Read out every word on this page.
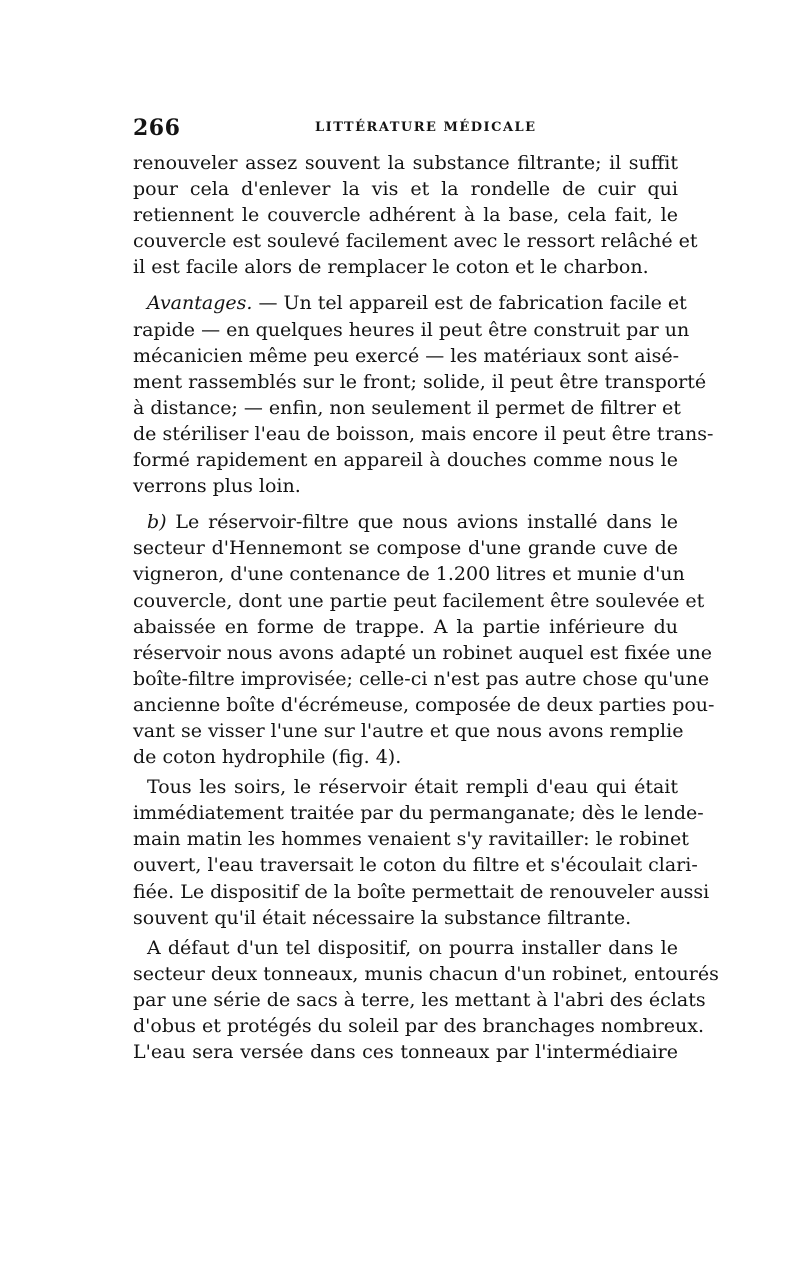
266	LITTÉRATURE MÉDICALE
renouveler assez souvent la substance filtrante; il suffit
pour cela d'enlever la vis et la rondelle de cuir qui
retiennent le couvercle adhérent à la base, cela fait, le
couvercle est soulevé facilement avec le ressort relâché et
il est facile alors de remplacer le coton et le charbon.
Avantages. — Un tel appareil est de fabrication facile et
rapide — en quelques heures il peut être construit par un
mécanicien même peu exercé — les matériaux sont aisé-
ment rassemblés sur le front; solide, il peut être transporté
à distance; — enfin, non seulement il permet de filtrer et
de stériliser l'eau de boisson, mais encore il peut être trans-
formé rapidement en appareil à douches comme nous le
verrons plus loin.
b) Le réservoir-filtre que nous avions installé dans le
secteur d'Hennemont se compose d'une grande cuve de
vigneron, d'une contenance de 1.200 litres et munie d'un
couvercle, dont une partie peut facilement être soulevée et
abaissée en forme de trappe. A la partie inférieure du
réservoir nous avons adapté un robinet auquel est fixée une
boîte-filtre improvisée; celle-ci n'est pas autre chose qu'une
ancienne boîte d'écrémeuse, composée de deux parties pou-
vant se visser l'une sur l'autre et que nous avons remplie
de coton hydrophile (fig. 4).
Tous les soirs, le réservoir était rempli d'eau qui était
immédiatement traitée par du permanganate; dès le lende-
main matin les hommes venaient s'y ravitailler: le robinet
ouvert, l'eau traversait le coton du filtre et s'écoulait clari-
fiée. Le dispositif de la boîte permettait de renouveler aussi
souvent qu'il était nécessaire la substance filtrante.
A défaut d'un tel dispositif, on pourra installer dans le
secteur deux tonneaux, munis chacun d'un robinet, entourés
par une série de sacs à terre, les mettant à l'abri des éclats
d'obus et protégés du soleil par des branchages nombreux.
L'eau sera versée dans ces tonneaux par l'intermédiaire
